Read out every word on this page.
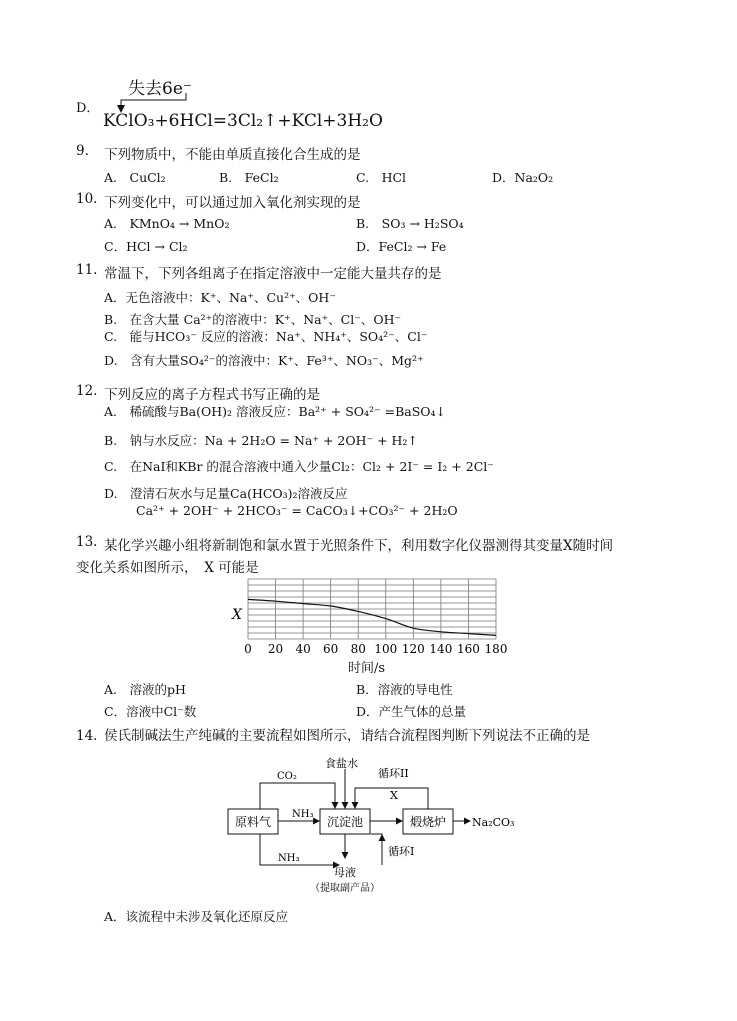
D．
失去6e⁻
KClO₃+6HCl=3Cl₂↑+KCl+3H₂O
9. 下列物质中，不能由单质直接化合生成的是
A.　CuCl₂	B.　FeCl₂	C.　HCl	D．Na₂O₂
10. 下列变化中，可以通过加入氧化剂实现的是
A.　KMnO₄ → MnO₂	B.　SO₃ → H₂SO₄
C．HCl → Cl₂	D．FeCl₂ → Fe
11. 常温下，下列各组离子在指定溶液中一定能大量共存的是
A．无色溶液中：K⁺、Na⁺、Cu²⁺、OH⁻
B.　在含大量 Ca²⁺的溶液中：K⁺、Na⁺、Cl⁻、OH⁻
C.　能与HCO₃⁻ 反应的溶液：Na⁺、NH₄⁺、SO₄²⁻、Cl⁻
D.　含有大量SO₄²⁻的溶液中：K⁺、Fe³⁺、NO₃⁻、Mg²⁺
12. 下列反应的离子方程式书写正确的是
A.　稀硫酸与Ba(OH)₂ 溶液反应：Ba²⁺ + SO₄²⁻ =BaSO₄↓
B.　钠与水反应：Na + 2H₂O = Na⁺ + 2OH⁻ + H₂↑
C.　在NaI和KBr 的混合溶液中通入少量Cl₂：Cl₂ + 2I⁻ = I₂ + 2Cl⁻
D.　澄清石灰水与足量Ca(HCO₃)₂溶液反应
Ca²⁺ + 2OH⁻ + 2HCO₃⁻ = CaCO₃↓+CO₃²⁻ + 2H₂O
13. 某化学兴趣小组将新制饱和氯水置于光照条件下，利用数字化仪器测得其变量X随时间
变化关系如图所示，　X 可能是
0 20 40 60 80 100 120 140 160 180
X
时间/s
A.　溶液的pH	B．溶液的导电性
C．溶液中Cl⁻数	D．产生气体的总量
14．
侯氏制碱法生产纯碱的主要流程如图所示，请结合流程图判断下列说法不正确的是
原料气	沉淀池	煅烧炉
NH₃
CO₂
食盐水
循环II
X
Na₂CO₃
NH₃
循环I
母液
（提取副产品）
A．该流程中未涉及氧化还原反应
